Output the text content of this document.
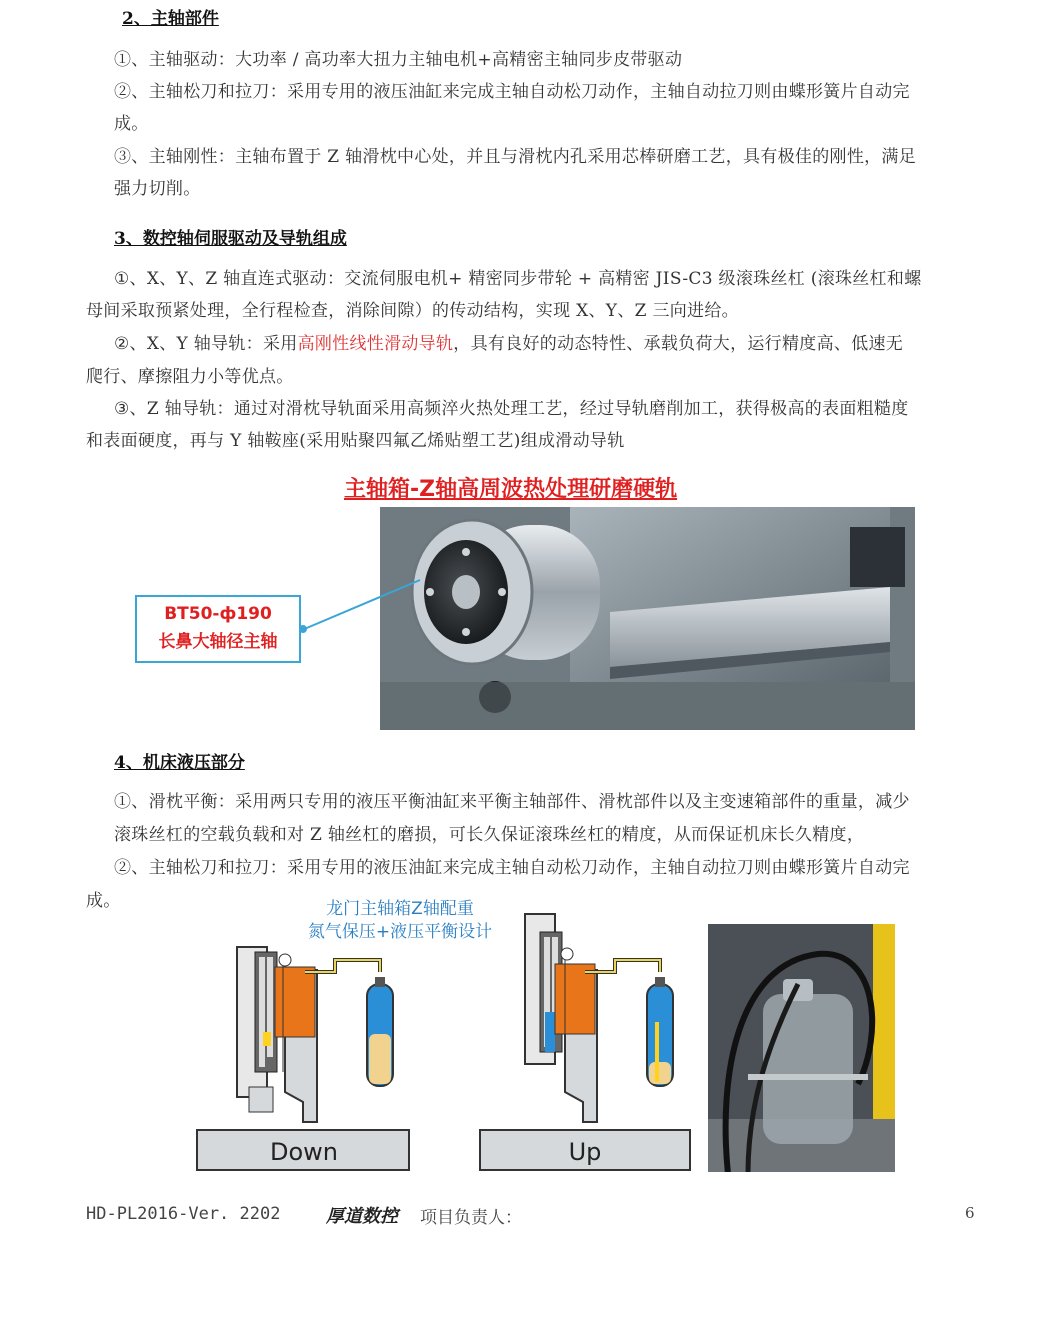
2、主轴部件
①、主轴驱动：大功率 / 高功率大扭力主轴电机+高精密主轴同步皮带驱动
②、主轴松刀和拉刀：采用专用的液压油缸来完成主轴自动松刀动作，主轴自动拉刀则由蝶形簧片自动完
成。
③、主轴刚性：主轴布置于 Z 轴滑枕中心处，并且与滑枕内孔采用芯棒研磨工艺，具有极佳的刚性，满足
强力切削。
3、数控轴伺服驱动及导轨组成
①、X、Y、Z 轴直连式驱动：交流伺服电机+ 精密同步带轮 + 高精密 JIS-C3 级滚珠丝杠 (滚珠丝杠和螺
母间采取预紧处理，全行程检查，消除间隙）的传动结构，实现 X、Y、Z 三向进给。
②、X、Y 轴导轨：采用高刚性线性滑动导轨，具有良好的动态特性、承载负荷大，运行精度高、低速无
爬行、摩擦阻力小等优点。
③、Z 轴导轨：通过对滑枕导轨面采用高频淬火热处理工艺，经过导轨磨削加工，获得极高的表面粗糙度
和表面硬度，再与 Y 轴鞍座(采用贴聚四氟乙烯贴塑工艺)组成滑动导轨
主轴箱-Z轴高周波热处理研磨硬轨
BT50-ф190
长鼻大轴径主轴
4、机床液压部分
①、滑枕平衡：采用两只专用的液压平衡油缸来平衡主轴部件、滑枕部件以及主变速箱部件的重量，减少
滚珠丝杠的空载负载和对 Z 轴丝杠的磨损，可长久保证滚珠丝杠的精度，从而保证机床长久精度，
②、主轴松刀和拉刀：采用专用的液压油缸来完成主轴自动松刀动作，主轴自动拉刀则由蝶形簧片自动完
成。	龙门主轴箱Z轴配重
氮气保压+液压平衡设计
Down	Up
HD-PL2016-Ver. 2202	厚道数控 项目负责人：	6
